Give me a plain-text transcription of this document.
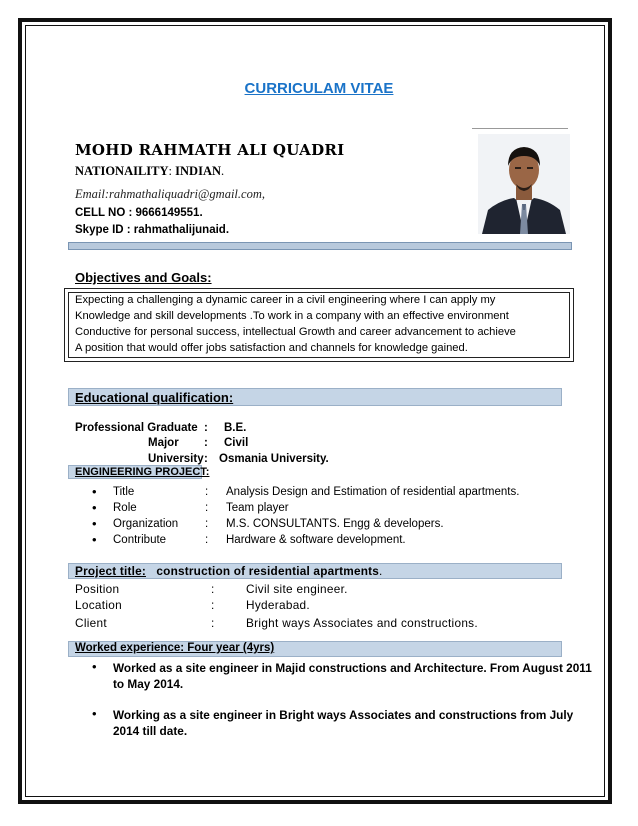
CURRICULAM VITAE
MOHD RAHMATH ALI QUADRI
NATIONAILITY: INDIAN.
Email:rahmathaliquadri@gmail.com,
CELL NO : 9666149551.
Skype ID : rahmathalijunaid.
Objectives and Goals:
Expecting a challenging a dynamic career in a civil engineering where I can apply my
Knowledge and skill developments .To work in a company with an effective environment
Conductive for personal success, intellectual Growth and career advancement to achieve
A position that would offer jobs satisfaction and channels for knowledge gained.
Educational qualification:
Professional Graduate : B.E.
Major : Civil
University : Osmania University.
ENGINEERING PROJECT:
• Title	: Analysis Design and Estimation of residential apartments.
• Role	: Team player
• Organization : M.S. CONSULTANTS. Engg & developers.
• Contribute	: Hardware & software development.
Project title: construction of residential apartments.
Position	:	Civil site engineer.
Location	:	Hyderabad.
Client	:	Bright ways Associates and constructions.
Worked experience: Four year (4yrs)
• Worked as a site engineer in Majid constructions and Architecture. From August 2011
to May 2014.
• Working as a site engineer in Bright ways Associates and constructions from July
2014 till date.
